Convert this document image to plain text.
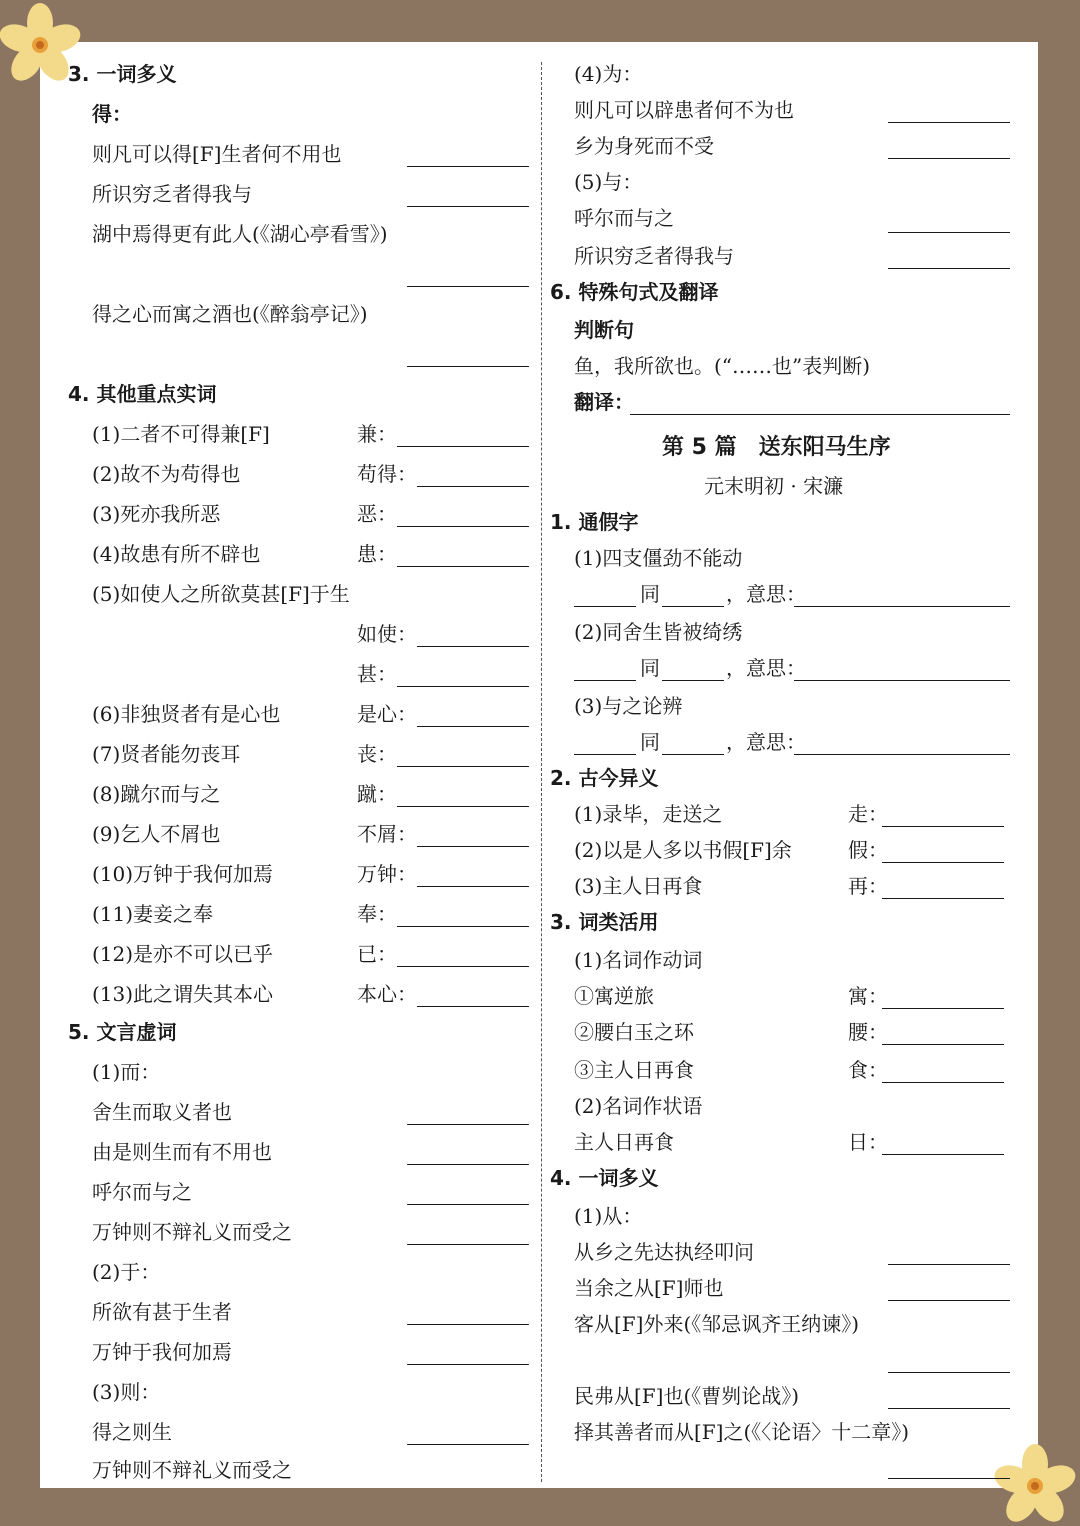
3. 一词多义
得：
则凡可以得[F]生者何不用也
所识穷乏者得我与
湖中焉得更有此人(《湖心亭看雪》)
得之心而寓之酒也(《醉翁亭记》)
4. 其他重点实词
(1)二者不可得兼[F]	兼：
(2)故不为苟得也	苟得：
(3)死亦我所恶	恶：
(4)故患有所不辟也	患：
(5)如使人之所欲莫甚[F]于生
如使：
甚：
(6)非独贤者有是心也	是心：
(7)贤者能勿丧耳	丧：
(8)蹴尔而与之	蹴：
(9)乞人不屑也	不屑：
(10)万钟于我何加焉	万钟：
(11)妻妾之奉	奉：
(12)是亦不可以已乎	已：
(13)此之谓失其本心	本心：
5. 文言虚词
(1)而：
舍生而取义者也
由是则生而有不用也
呼尔而与之
万钟则不辩礼义而受之
(2)于：
所欲有甚于生者
万钟于我何加焉
(3)则：
得之则生
万钟则不辩礼义而受之
(4)为：
则凡可以辟患者何不为也
乡为身死而不受
(5)与：
呼尔而与之
所识穷乏者得我与
6. 特殊句式及翻译
判断句
鱼，我所欲也。(“……也”表判断)
翻译：
第 5 篇　送东阳马生序
元末明初 · 宋濂
1. 通假字
(1)四支僵劲不能动
同	，意思：
(2)同舍生皆被绮绣
同	，意思：
(3)与之论辨
同	，意思：
2. 古今异义
(1)录毕，走送之	走：
(2)以是人多以书假[F]余	假：
(3)主人日再食	再：
3. 词类活用
(1)名词作动词
①寓逆旅	寓：
②腰白玉之环	腰：
③主人日再食	食：
(2)名词作状语
主人日再食	日：
4. 一词多义
(1)从：
从乡之先达执经叩问
当余之从[F]师也
客从[F]外来(《邹忌讽齐王纳谏》)
民弗从[F]也(《曹刿论战》)
择其善者而从[F]之(《〈论语〉十二章》)
